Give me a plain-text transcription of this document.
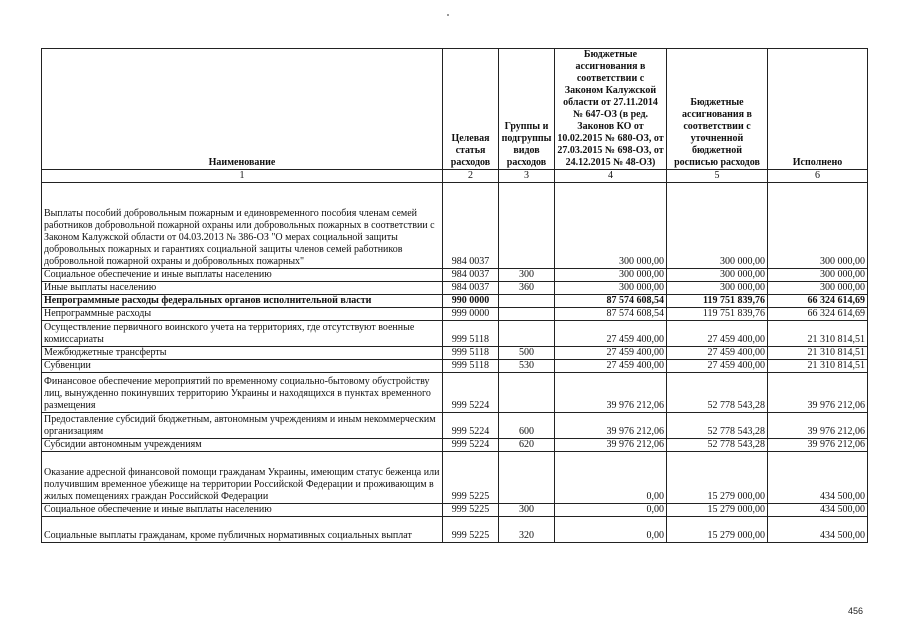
Наименование	Целевая статья расходов	Группы и подгруппы видов расходов	Бюджетные ассигнования в соответствии с Законом Калужской области от 27.11.2014 № 647-ОЗ (в ред. Законов КО от 10.02.2015 № 680-ОЗ, от 27.03.2015 № 698-ОЗ, от 24.12.2015 № 48-ОЗ)	Бюджетные ассигнования в соответствии с уточненной бюджетной росписью расходов	Исполнено
1	2	3	4	5	6
Выплаты пособий добровольным пожарным и единовременного пособия членам семей работников добровольной пожарной охраны или добровольных пожарных в соответствии с Законом Калужской области от 04.03.2013 № 386-ОЗ "О мерах социальной защиты добровольных пожарных и гарантиях социальной защиты членов семей работников добровольной пожарной охраны и добровольных пожарных"	984 0037		300 000,00	300 000,00	300 000,00
Социальное обеспечение и иные выплаты населению	984 0037	300	300 000,00	300 000,00	300 000,00
Иные выплаты населению	984 0037	360	300 000,00	300 000,00	300 000,00
Непрограммные расходы федеральных органов исполнительной власти	990 0000		87 574 608,54	119 751 839,76	66 324 614,69
Непрограммные расходы	999 0000		87 574 608,54	119 751 839,76	66 324 614,69
Осуществление первичного воинского учета на территориях, где отсутствуют военные комиссариаты	999 5118		27 459 400,00	27 459 400,00	21 310 814,51
Межбюджетные трансферты	999 5118	500	27 459 400,00	27 459 400,00	21 310 814,51
Субвенции	999 5118	530	27 459 400,00	27 459 400,00	21 310 814,51
Финансовое обеспечение мероприятий по временному социально-бытовому обустройству лиц, вынужденно покинувших территорию Украины и находящихся в пунктах временного размещения	999 5224		39 976 212,06	52 778 543,28	39 976 212,06
Предоставление субсидий бюджетным, автономным учреждениям и иным некоммерческим организациям	999 5224	600	39 976 212,06	52 778 543,28	39 976 212,06
Субсидии автономным учреждениям	999 5224	620	39 976 212,06	52 778 543,28	39 976 212,06
Оказание адресной финансовой помощи гражданам Украины, имеющим статус беженца или получившим временное убежище на территории Российской Федерации и проживающим в жилых помещениях граждан Российской Федерации	999 5225		0,00	15 279 000,00	434 500,00
Социальное обеспечение и иные выплаты населению	999 5225	300	0,00	15 279 000,00	434 500,00
Социальные выплаты гражданам, кроме публичных нормативных социальных выплат	999 5225	320	0,00	15 279 000,00	434 500,00
456
